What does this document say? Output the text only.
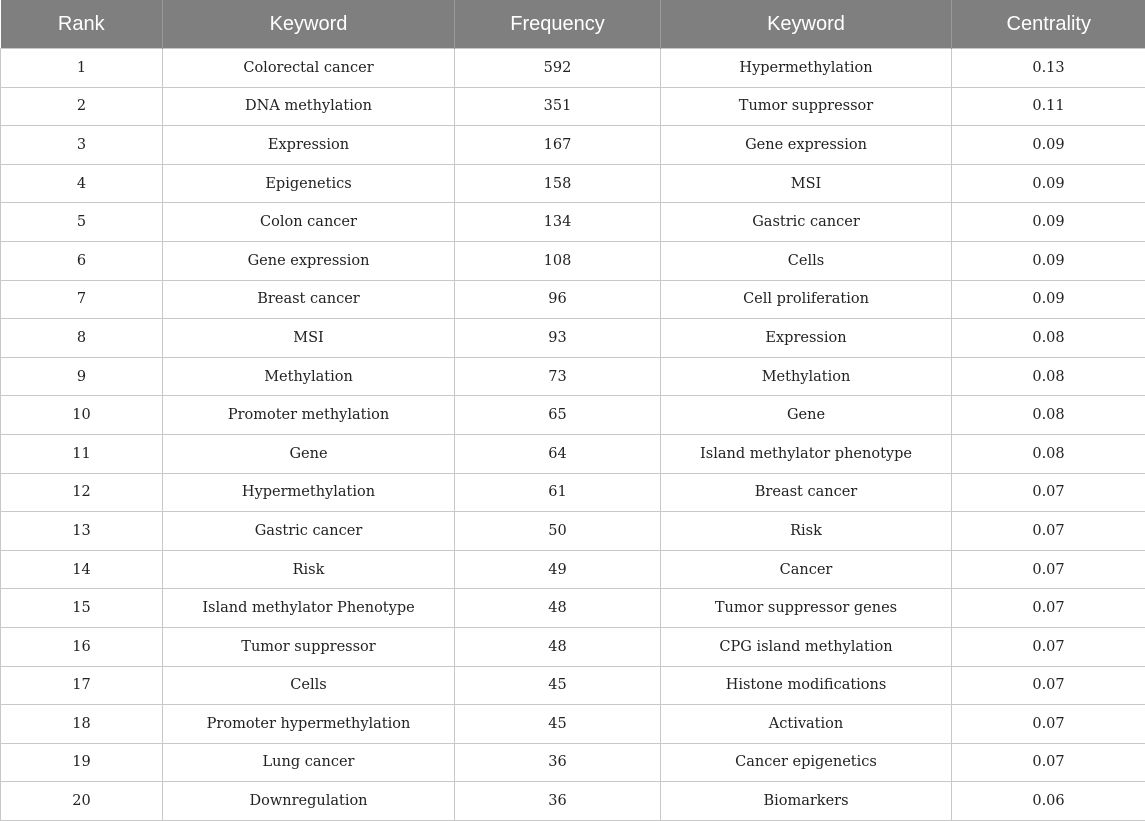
Rank	Keyword	Frequency	Keyword	Centrality
1	Colorectal cancer	592	Hypermethylation	0.13
2	DNA methylation	351	Tumor suppressor	0.11
3	Expression	167	Gene expression	0.09
4	Epigenetics	158	MSI	0.09
5	Colon cancer	134	Gastric cancer	0.09
6	Gene expression	108	Cells	0.09
7	Breast cancer	96	Cell proliferation	0.09
8	MSI	93	Expression	0.08
9	Methylation	73	Methylation	0.08
10	Promoter methylation	65	Gene	0.08
11	Gene	64	Island methylator phenotype	0.08
12	Hypermethylation	61	Breast cancer	0.07
13	Gastric cancer	50	Risk	0.07
14	Risk	49	Cancer	0.07
15	Island methylator Phenotype	48	Tumor suppressor genes	0.07
16	Tumor suppressor	48	CPG island methylation	0.07
17	Cells	45	Histone modifications	0.07
18	Promoter hypermethylation	45	Activation	0.07
19	Lung cancer	36	Cancer epigenetics	0.07
20	Downregulation	36	Biomarkers	0.06
